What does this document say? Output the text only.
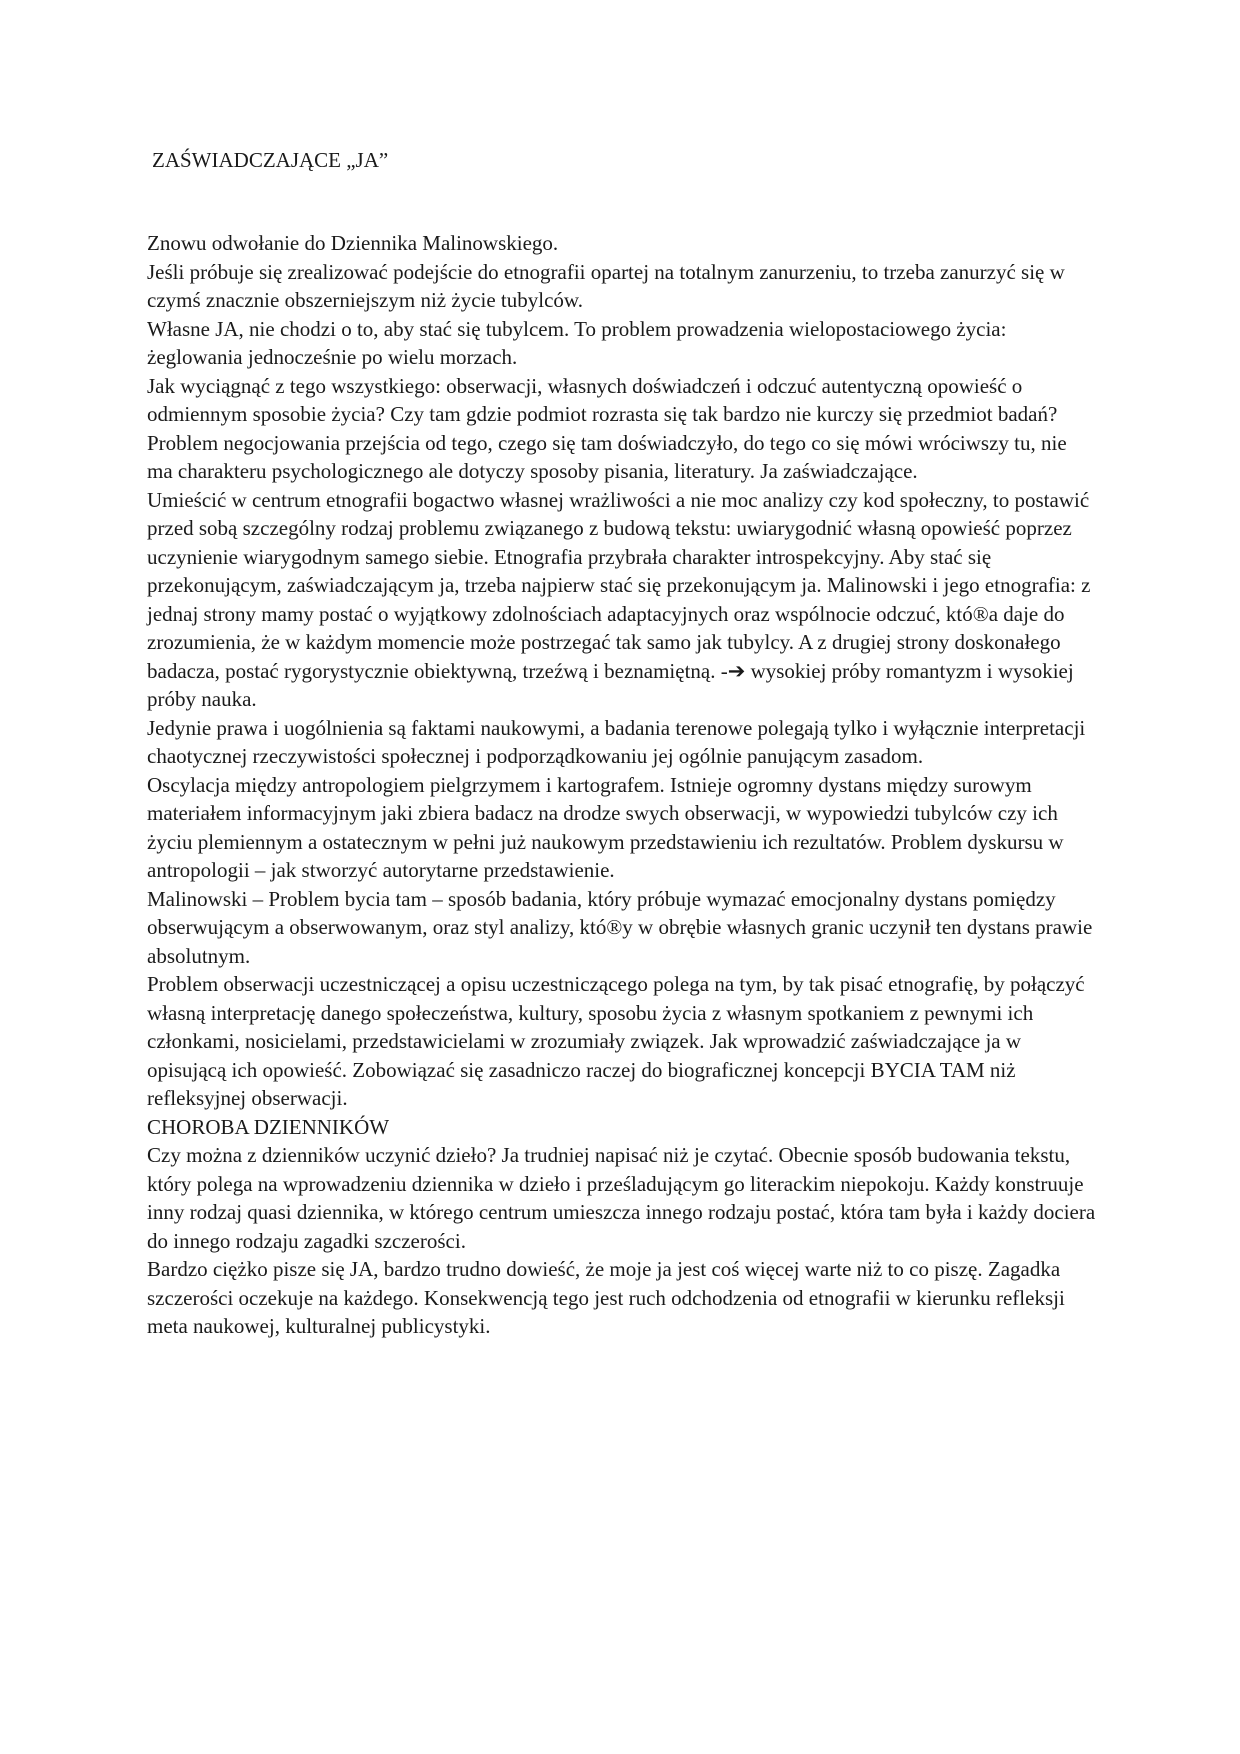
ZAŚWIADCZAJĄCE „JA”

Znowu odwołanie do Dziennika Malinowskiego.

Jeśli próbuje się zrealizować podejście do etnografii opartej na totalnym zanurzeniu, to trzeba zanurzyć się w czymś znacznie obszerniejszym niż życie tubylców.

Własne JA, nie chodzi o to, aby stać się tubylcem. To problem prowadzenia wielopostaciowego życia: żeglowania jednocześnie po wielu morzach.

Jak wyciągnąć z tego wszystkiego: obserwacji, własnych doświadczeń i odczuć autentyczną opowieść o odmiennym sposobie życia? Czy tam gdzie podmiot rozrasta się tak bardzo nie kurczy się przedmiot badań? Problem negocjowania przejścia od tego, czego się tam doświadczyło, do tego co się mówi wróciwszy tu, nie ma charakteru psychologicznego ale dotyczy sposoby pisania, literatury. Ja zaświadczające.

Umieścić w centrum etnografii bogactwo własnej wrażliwości a nie moc analizy czy kod społeczny, to postawić przed sobą szczególny rodzaj problemu związanego z budową tekstu: uwiarygodnić własną opowieść poprzez uczynienie wiarygodnym samego siebie. Etnografia przybrała charakter introspekcyjny. Aby stać się przekonującym, zaświadczającym ja, trzeba najpierw stać się przekonującym ja. Malinowski i jego etnografia: z jednaj strony mamy postać o wyjątkowy zdolnościach adaptacyjnych oraz wspólnocie odczuć, któ®a daje do zrozumienia, że w każdym momencie może postrzegać tak samo jak tubylcy. A z drugiej strony doskonałego badacza, postać rygorystycznie obiektywną, trzeźwą i beznamiętną. -➔ wysokiej próby romantyzm i wysokiej próby nauka.

Jedynie prawa i uogólnienia są faktami naukowymi, a badania terenowe polegają tylko i wyłącznie interpretacji chaotycznej rzeczywistości społecznej i podporządkowaniu jej ogólnie panującym zasadom.

Oscylacja między antropologiem pielgrzymem i kartografem. Istnieje ogromny dystans między surowym materiałem informacyjnym jaki zbiera badacz na drodze swych obserwacji, w wypowiedzi tubylców czy ich życiu plemiennym a ostatecznym w pełni już naukowym przedstawieniu ich rezultatów. Problem dyskursu w antropologii – jak stworzyć autorytarne przedstawienie.

Malinowski – Problem bycia tam – sposób badania, który próbuje wymazać emocjonalny dystans pomiędzy obserwującym a obserwowanym, oraz styl analizy, któ®y w obrębie własnych granic uczynił ten dystans prawie absolutnym.

Problem obserwacji uczestniczącej a opisu uczestniczącego polega na tym, by tak pisać etnografię, by połączyć własną interpretację danego społeczeństwa, kultury, sposobu życia z własnym spotkaniem z pewnymi ich członkami, nosicielami, przedstawicielami w zrozumiały związek. Jak wprowadzić zaświadczające ja w opisującą ich opowieść. Zobowiązać się zasadniczo raczej do biograficznej koncepcji BYCIA TAM niż refleksyjnej obserwacji.

CHOROBA DZIENNIKÓW

Czy można z dzienników uczynić dzieło? Ja trudniej napisać niż je czytać. Obecnie sposób budowania tekstu, który polega na wprowadzeniu dziennika w dzieło i prześladującym go literackim niepokoju. Każdy konstruuje inny rodzaj quasi dziennika, w którego centrum umieszcza innego rodzaju postać, która tam była i każdy dociera do innego rodzaju zagadki szczerości.

Bardzo ciężko pisze się JA, bardzo trudno dowieść, że moje ja jest coś więcej warte niż to co piszę. Zagadka szczerości oczekuje na każdego. Konsekwencją tego jest ruch odchodzenia od etnografii w kierunku refleksji meta naukowej, kulturalnej publicystyki.
